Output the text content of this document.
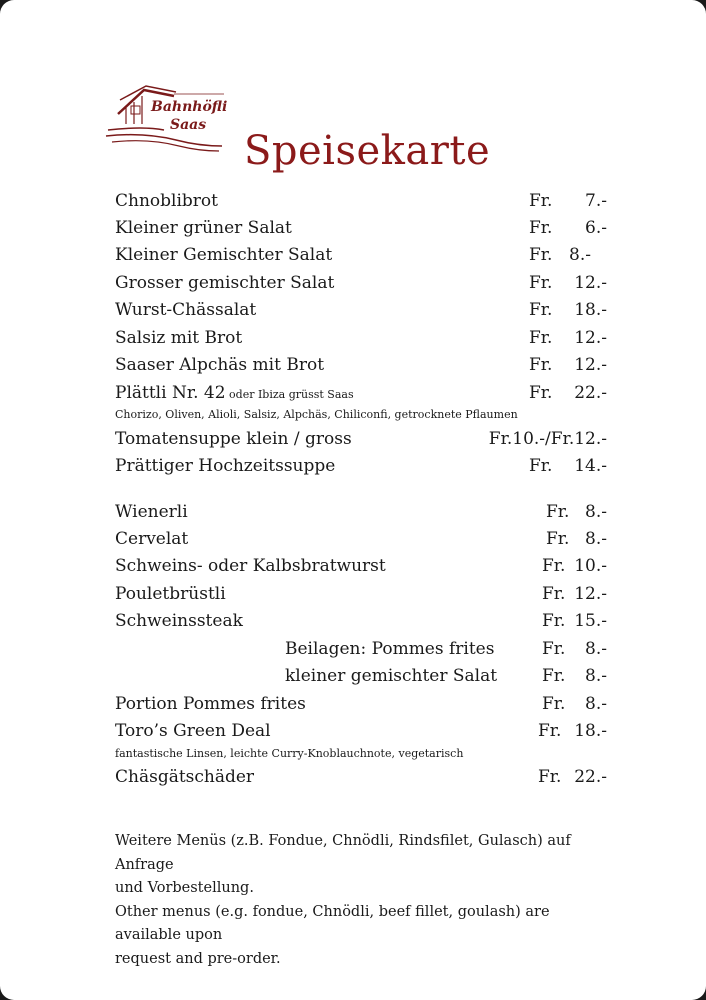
Bahnhöfli
Saas
Speisekarte
Chnoblibrot	Fr. 7.-
Kleiner grüner Salat	Fr. 6.-
Kleiner Gemischter Salat	Fr. 8.-
Grosser gemischter Salat	Fr. 12.-
Wurst-Chässalat	Fr. 18.-
Salsiz mit Brot	Fr. 12.-
Saaser Alpchäs mit Brot	Fr. 12.-
Plättli Nr. 42 oder Ibiza grüsst Saas	Fr. 22.-
Chorizo, Oliven, Alioli, Salsiz, Alpchäs, Chiliconfi, getrocknete Pflaumen
Tomatensuppe klein / gross	Fr.10.-/Fr.12.-
Prättiger Hochzeitssuppe	Fr. 14.-
Wienerli	Fr. 8.-
Cervelat	Fr. 8.-
Schweins- oder Kalbsbratwurst	Fr. 10.-
Pouletbrüstli	Fr. 12.-
Schweinssteak	Fr. 15.-
Beilagen: Pommes frites	Fr. 8.-
kleiner gemischter Salat	Fr. 8.-
Portion Pommes frites	Fr. 8.-
Toro’s Green Deal	Fr. 18.-
fantastische Linsen, leichte Curry-Knoblauchnote, vegetarisch
Chäsgätschäder	Fr. 22.-

Weitere Menüs (z.B. Fondue, Chnödli, Rindsfilet, Gulasch) auf Anfrage

und Vorbestellung.

Other menus (e.g. fondue, Chnödli, beef fillet, goulash) are available upon

request and pre-order.
